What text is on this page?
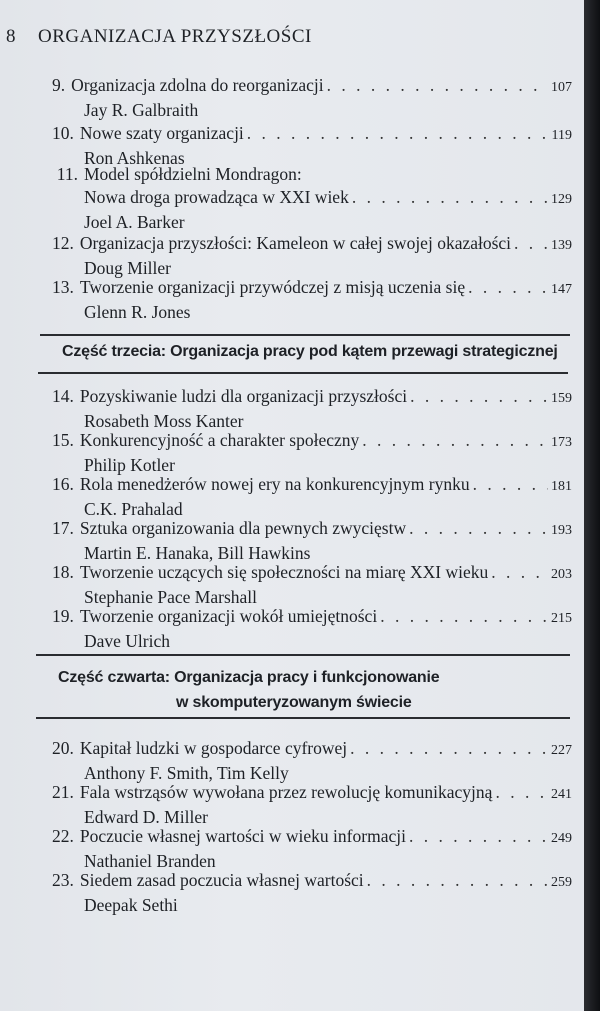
8 ORGANIZACJA PRZYSZŁOŚCI
9. Organizacja zdolna do reorganizacji . . .	107
Jay R. Galbraith
10. Nowe szaty organizacji . . .	119
Ron Ashkenas
11. Model spółdzielni Mondragon:
Nowa droga prowadząca w XXI wiek . . .	129
Joel A. Barker
12. Organizacja przyszłości: Kameleon w całej swojej okazałości . . .	139
Doug Miller
13. Tworzenie organizacji przywódczej z misją uczenia się . . .	147
Glenn R. Jones
Część trzecia: Organizacja pracy pod kątem przewagi strategicznej
14. Pozyskiwanie ludzi dla organizacji przyszłości . . .	159
Rosabeth Moss Kanter
15. Konkurencyjność a charakter społeczny . . .	173
Philip Kotler
16. Rola menedżerów nowej ery na konkurencyjnym rynku . . .	181
C.K. Prahalad
17. Sztuka organizowania dla pewnych zwycięstw . . .	193
Martin E. Hanaka, Bill Hawkins
18. Tworzenie uczących się społeczności na miarę XXI wieku . . .	203
Stephanie Pace Marshall
19. Tworzenie organizacji wokół umiejętności . . .	215
Dave Ulrich
Część czwarta: Organizacja pracy i funkcjonowanie
w skomputeryzowanym świecie
20. Kapitał ludzki w gospodarce cyfrowej . . .	227
Anthony F. Smith, Tim Kelly
21. Fala wstrząsów wywołana przez rewolucję komunikacyjną . . .	241
Edward D. Miller
22. Poczucie własnej wartości w wieku informacji . . .	249
Nathaniel Branden
23. Siedem zasad poczucia własnej wartości . . .	259
Deepak Sethi
